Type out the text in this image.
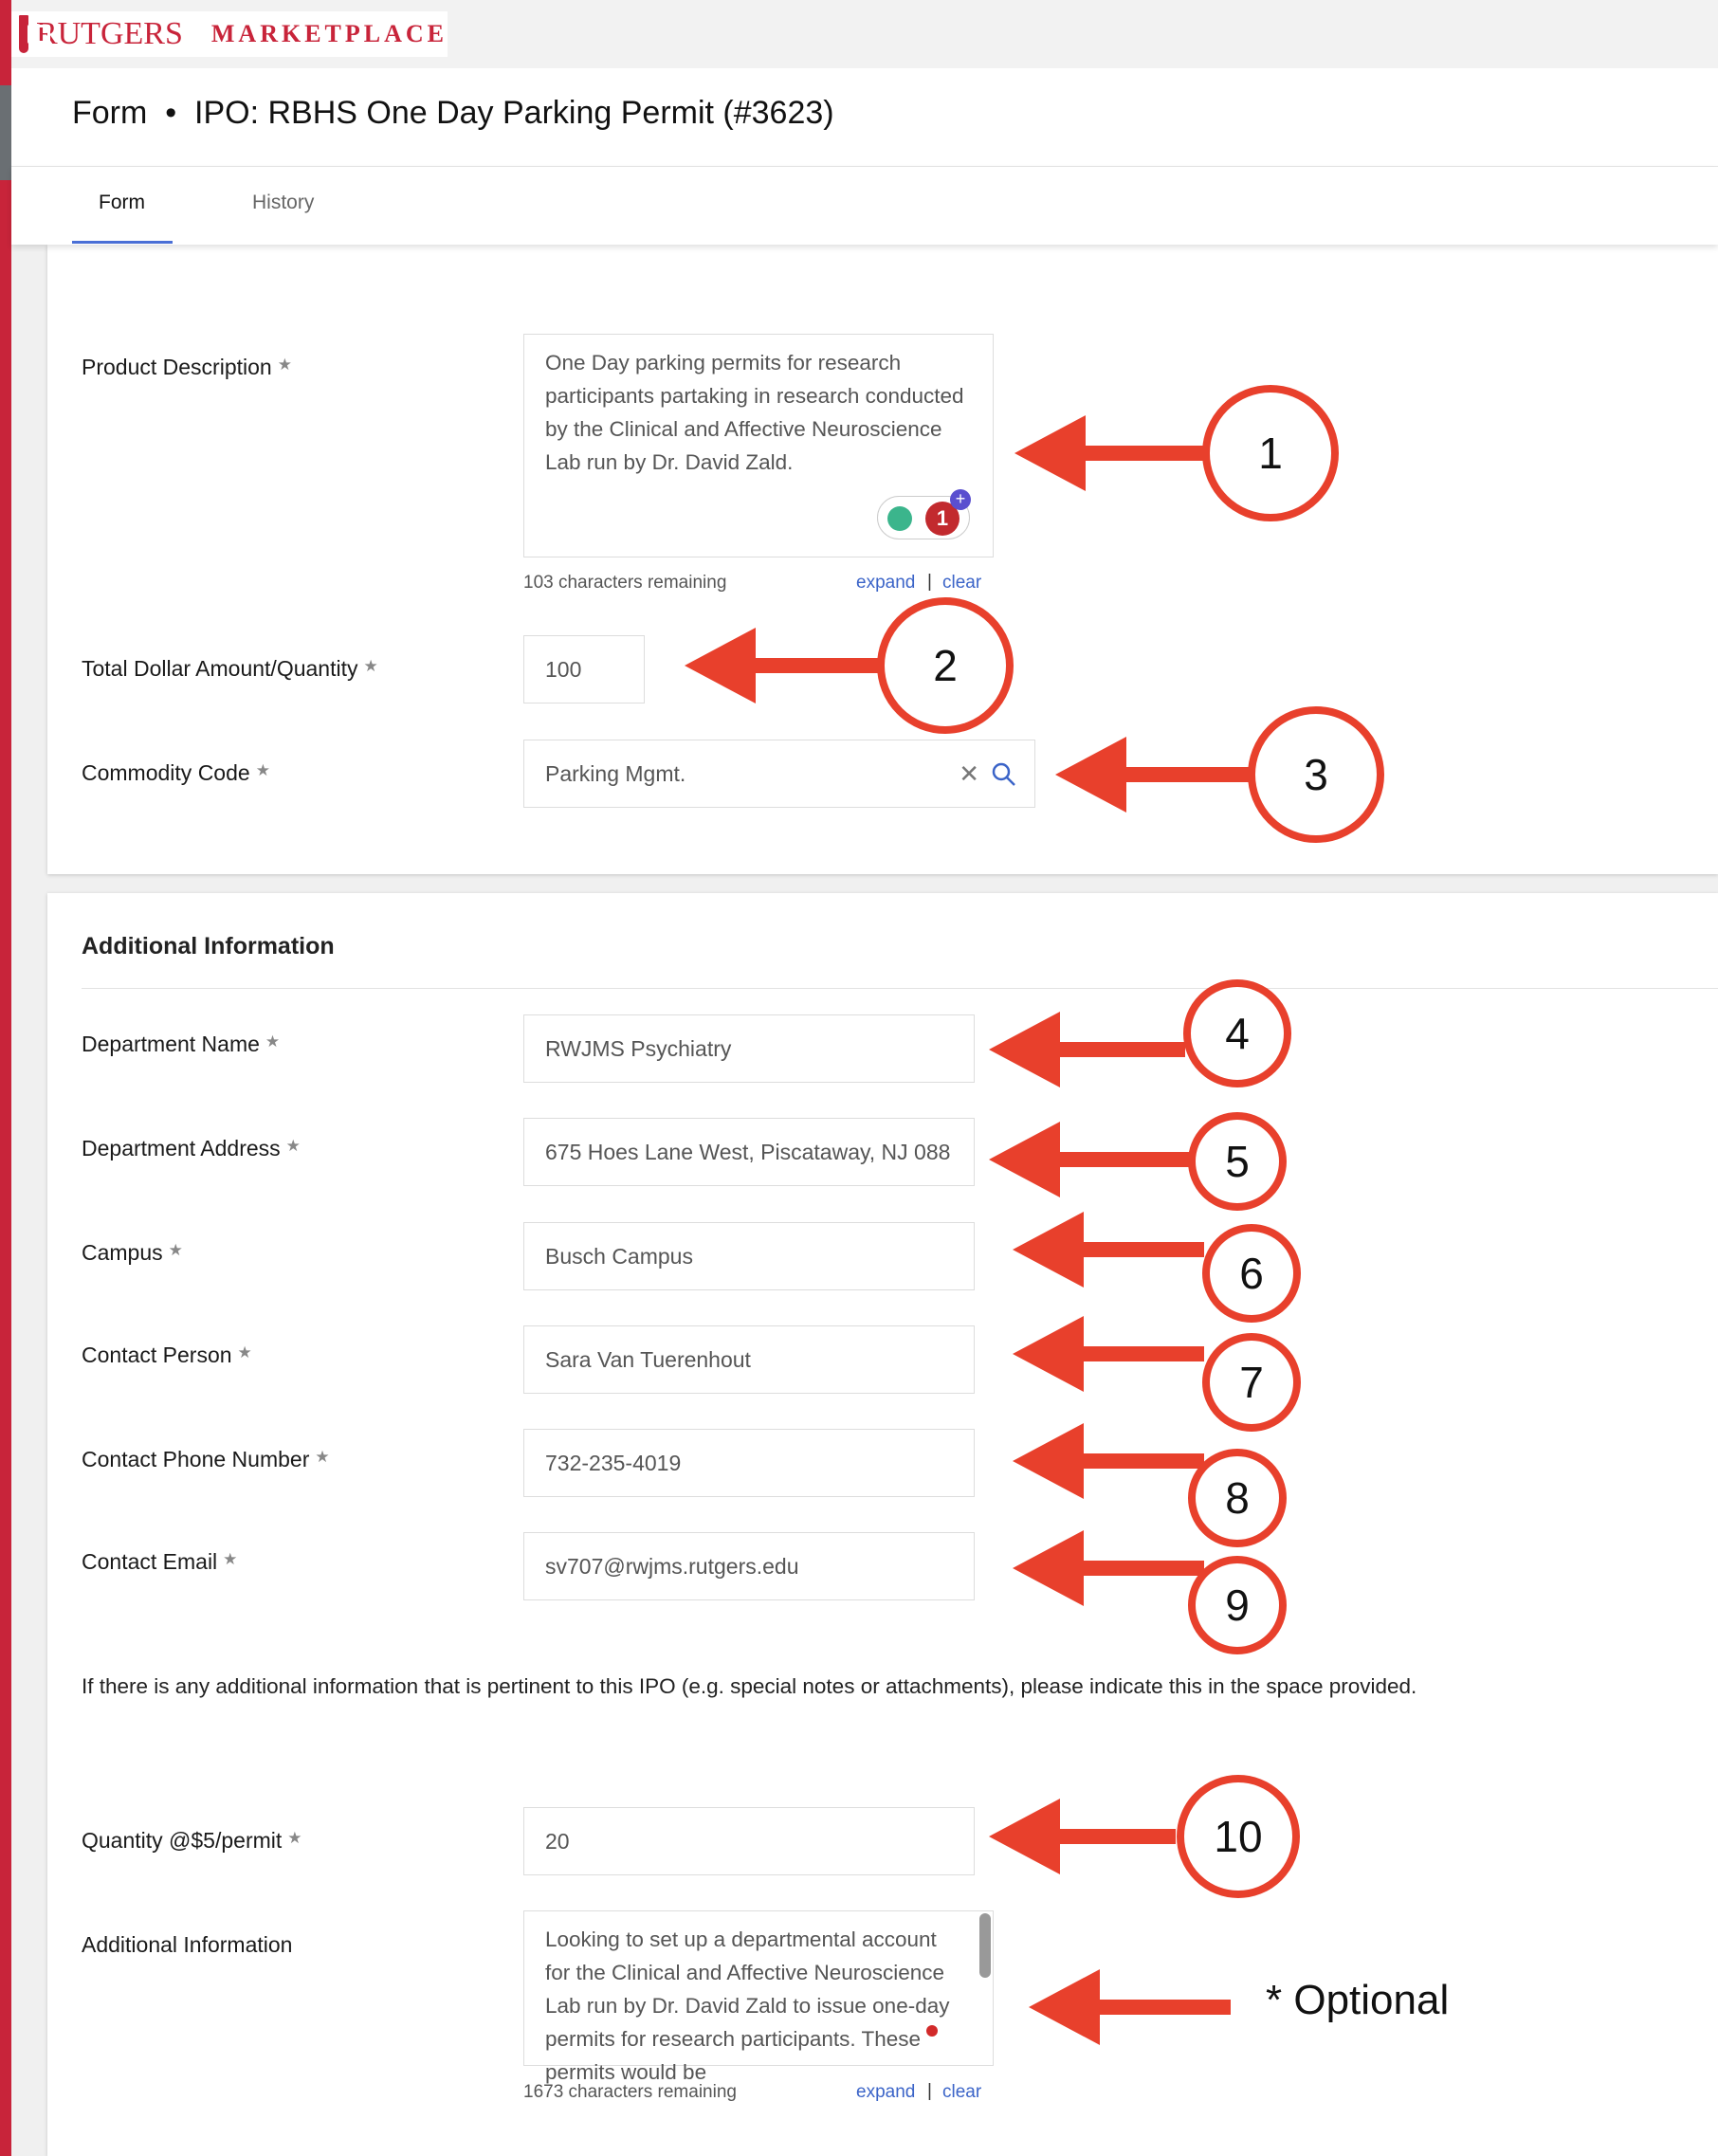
RUTGERS MARKETPLACE
Form  •  IPO: RBHS One Day Parking Permit (#3623)
Form	History
Product Description ★	One Day parking permits for research participants partaking in research conducted by the Clinical and Affective Neuroscience Lab run by Dr. David Zald.
1
+
103 characters remaining	expand | clear
Total Dollar Amount/Quantity ★	100
Commodity Code ★	Parking Mgmt.	✕
Additional Information
Department Name ★	RWJMS Psychiatry
Department Address ★	675 Hoes Lane West, Piscataway, NJ 088
Campus ★	Busch Campus
Contact Person ★	Sara Van Tuerenhout
Contact Phone Number ★	732-235-4019
Contact Email ★	sv707@rwjms.rutgers.edu
If there is any additional information that is pertinent to this IPO (e.g. special notes or attachments), please indicate this in the space provided.
Quantity @$5/permit ★	20
Additional Information	Looking to set up a departmental account for the Clinical and Affective Neuroscience Lab run by Dr. David Zald to issue one-day permits for research participants. These permits would be
1673 characters remaining	expand | clear
1
2
3
4
5
6
7
8
9
10
* Optional
